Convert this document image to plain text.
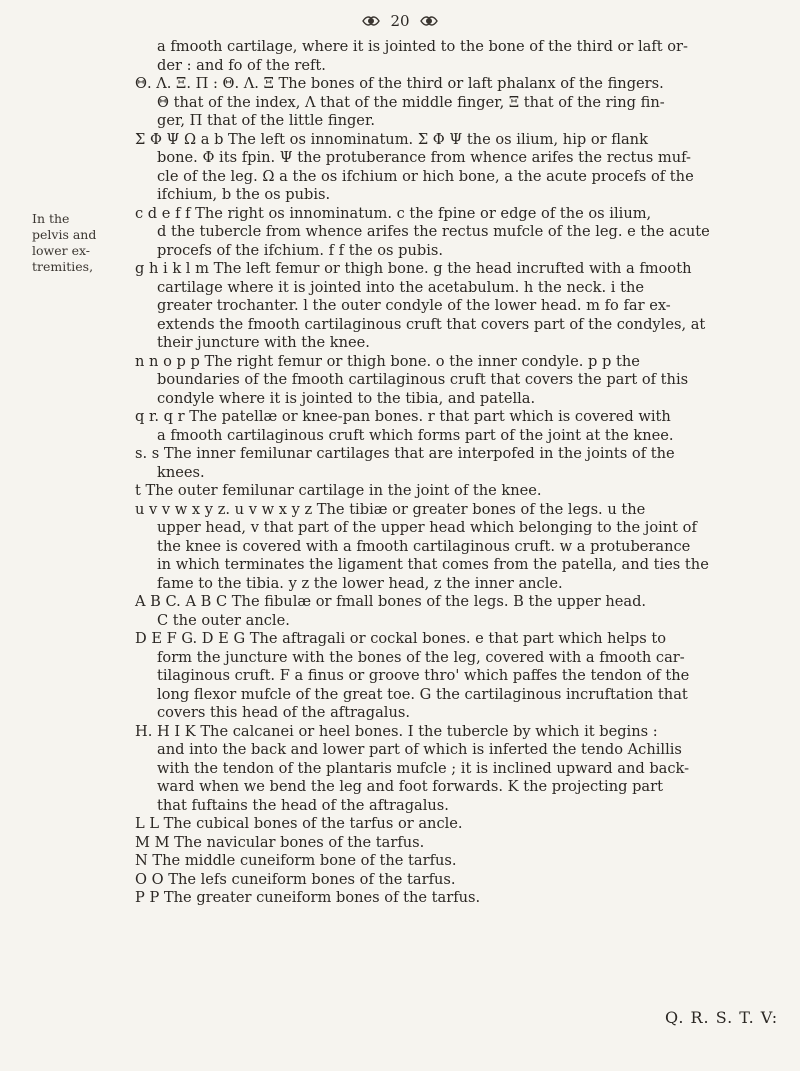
20
In the
pelvis and
lower ex-
tremities,
a fmooth cartilage, where it is jointed to the bone of the third or laft or-
der : and fo of the reft.
Θ. Λ. Ξ. Π : Θ. Λ. Ξ The bones of the third or laft phalanx of the fingers.
Θ that of the index, Λ that of the middle finger, Ξ that of the ring fin-
ger, Π that of the little finger.
Σ Φ Ψ Ω a b The left os innominatum. Σ Φ Ψ the os ilium, hip or flank
bone. Φ its fpin. Ψ the protuberance from whence arifes the rectus muf-
cle of the leg. Ω a the os ifchium or hich bone, a the acute procefs of the
ifchium, b the os pubis.
c d e f f The right os innominatum. c the fpine or edge of the os ilium,
d the tubercle from whence arifes the rectus mufcle of the leg. e the acute
procefs of the ifchium. f f the os pubis.
g h i k l m The left femur or thigh bone. g the head incrufted with a fmooth
cartilage where it is jointed into the acetabulum. h the neck. i the
greater trochanter. l the outer condyle of the lower head. m fo far ex-
extends the fmooth cartilaginous cruft that covers part of the condyles, at
their juncture with the knee.
n n o p p The right femur or thigh bone. o the inner condyle. p p the
boundaries of the fmooth cartilaginous cruft that covers the part of this
condyle where it is jointed to the tibia, and patella.
q r. q r The patellæ or knee-pan bones. r that part which is covered with
a fmooth cartilaginous cruft which forms part of the joint at the knee.
s. s The inner femilunar cartilages that are interpofed in the joints of the
knees.
t The outer femilunar cartilage in the joint of the knee.
u v v w x y z. u v w x y z The tibiæ or greater bones of the legs. u the
upper head, v that part of the upper head which belonging to the joint of
the knee is covered with a fmooth cartilaginous cruft. w a protuberance
in which terminates the ligament that comes from the patella, and ties the
fame to the tibia. y z the lower head, z the inner ancle.
A B C. A B C The fibulæ or fmall bones of the legs. B the upper head.
C the outer ancle.
D E F G. D E G The aftragali or cockal bones. e that part which helps to
form the juncture with the bones of the leg, covered with a fmooth car-
tilaginous cruft. F a finus or groove thro' which paffes the tendon of the
long flexor mufcle of the great toe. G the cartilaginous incruftation that
covers this head of the aftragalus.
H. H I K The calcanei or heel bones. I the tubercle by which it begins :
and into the back and lower part of which is inferted the tendo Achillis
with the tendon of the plantaris mufcle ; it is inclined upward and back-
ward when we bend the leg and foot forwards. K the projecting part
that fuftains the head of the aftragalus.
L L The cubical bones of the tarfus or ancle.
M M The navicular bones of the tarfus.
N The middle cuneiform bone of the tarfus.
O O The lefs cuneiform bones of the tarfus.
P P The greater cuneiform bones of the tarfus.
Q. R. S. T. V:
